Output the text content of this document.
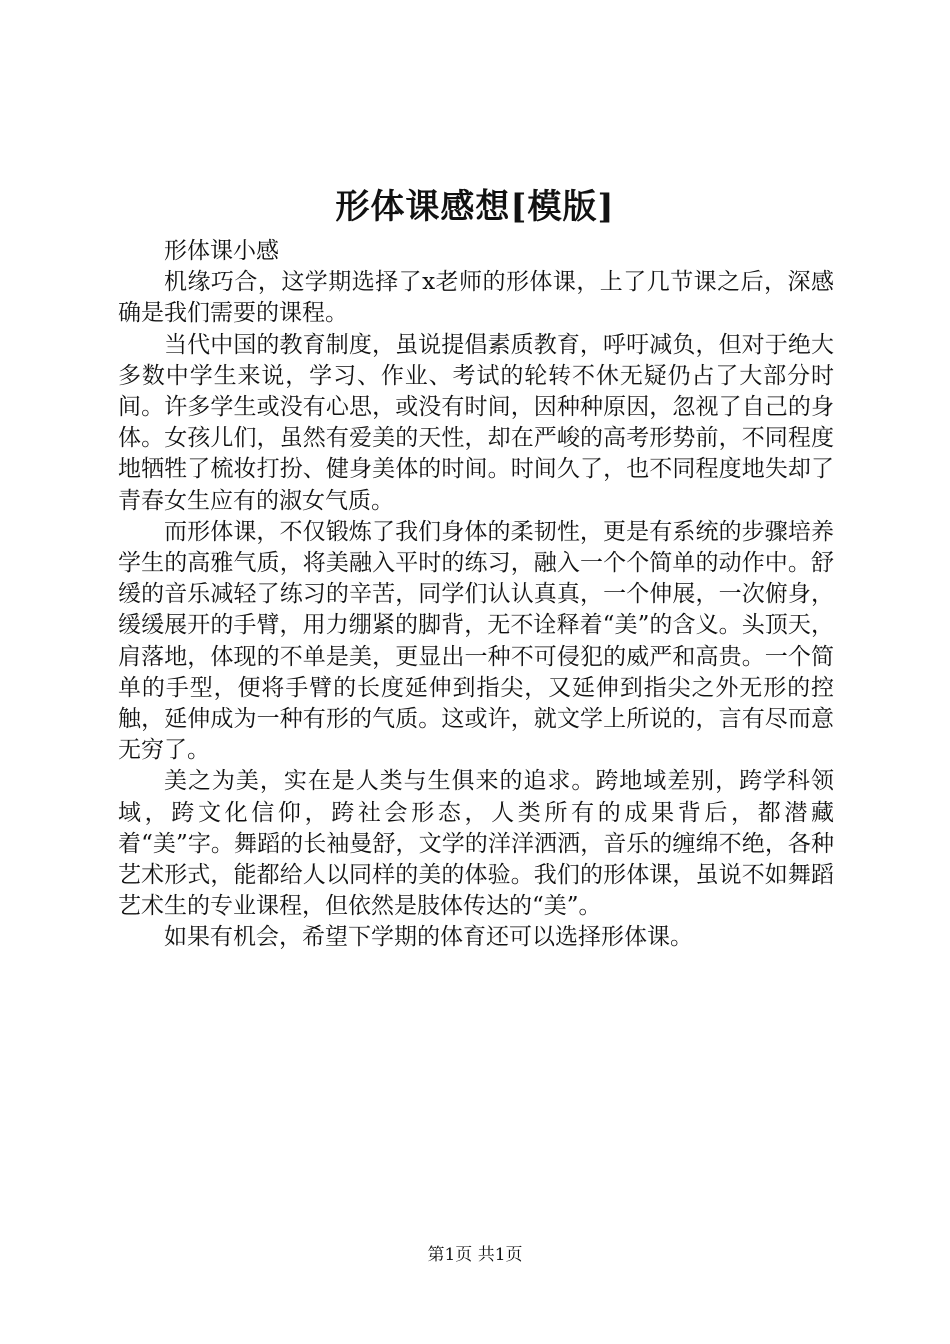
形体课感想[模版]

形体课小感

机缘巧合，这学期选择了x老师的形体课，上了几节课之后，深感确是我们需要的课程。

当代中国的教育制度，虽说提倡素质教育，呼吁减负，但对于绝大多数中学生来说，学习、作业、考试的轮转不休无疑仍占了大部分时间。许多学生或没有心思，或没有时间，因种种原因，忽视了自己的身体。女孩儿们，虽然有爱美的天性，却在严峻的高考形势前，不同程度地牺牲了梳妆打扮、健身美体的时间。时间久了，也不同程度地失却了青春女生应有的淑女气质。

而形体课，不仅锻炼了我们身体的柔韧性，更是有系统的步骤培养学生的高雅气质，将美融入平时的练习，融入一个个简单的动作中。舒缓的音乐减轻了练习的辛苦，同学们认认真真，一个伸展，一次俯身，缓缓展开的手臂，用力绷紧的脚背，无不诠释着“美”的含义。头顶天，肩落地，体现的不单是美，更显出一种不可侵犯的威严和高贵。一个简单的手型，便将手臂的长度延伸到指尖，又延伸到指尖之外无形的控触，延伸成为一种有形的气质。这或许，就文学上所说的，言有尽而意无穷了。

美之为美，实在是人类与生俱来的追求。跨地域差别，跨学科领域，跨文化信仰，跨社会形态，人类所有的成果背后，都潜藏着“美”字。舞蹈的长袖曼舒，文学的洋洋洒洒，音乐的缠绵不绝，各种艺术形式，能都给人以同样的美的体验。我们的形体课，虽说不如舞蹈艺术生的专业课程，但依然是肢体传达的“美”。

如果有机会，希望下学期的体育还可以选择形体课。

第1页 共1页
